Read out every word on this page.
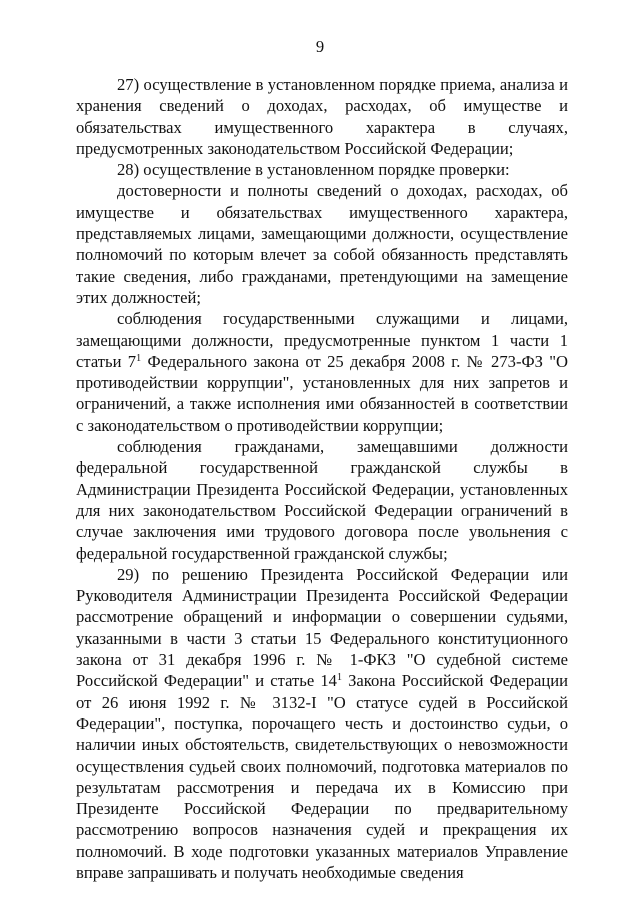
9

27) осуществление в установленном порядке приема, анализа и хранения сведений о доходах, расходах, об имуществе и обязательствах имущественного характера в случаях, предусмотренных законодательством Российской Федерации;

28) осуществление в установленном порядке проверки:

достоверности и полноты сведений о доходах, расходах, об имуществе и обязательствах имущественного характера, представляемых лицами, замещающими должности, осуществление полномочий по которым влечет за собой обязанность представлять такие сведения, либо гражданами, претендующими на замещение этих должностей;

соблюдения государственными служащими и лицами, замещающими должности, предусмотренные пунктом 1 части 1 статьи $7^1$ Федерального закона от 25 декабря 2008 г. № 273-ФЗ "О противодействии коррупции", установленных для них запретов и ограничений, а также исполнения ими обязанностей в соответствии с законодательством о противодействии коррупции;

соблюдения гражданами, замещавшими должности федеральной государственной гражданской службы в Администрации Президента Российской Федерации, установленных для них законодательством Российской Федерации ограничений в случае заключения ими трудового договора после увольнения с федеральной государственной гражданской службы;

29) по решению Президента Российской Федерации или Руководителя Администрации Президента Российской Федерации рассмотрение обращений и информации о совершении судьями, указанными в части 3 статьи 15 Федерального конституционного закона от 31 декабря 1996 г. № 1-ФКЗ "О судебной системе Российской Федерации" и статье $14^1$ Закона Российской Федерации от 26 июня 1992 г. № 3132-I "О статусе судей в Российской Федерации", поступка, порочащего честь и достоинство судьи, о наличии иных обстоятельств, свидетельствующих о невозможности осуществления судьей своих полномочий, подготовка материалов по результатам рассмотрения и передача их в Комиссию при Президенте Российской Федерации по предварительному рассмотрению вопросов назначения судей и прекращения их полномочий. В ходе подготовки указанных материалов Управление вправе запрашивать и получать необходимые сведения
